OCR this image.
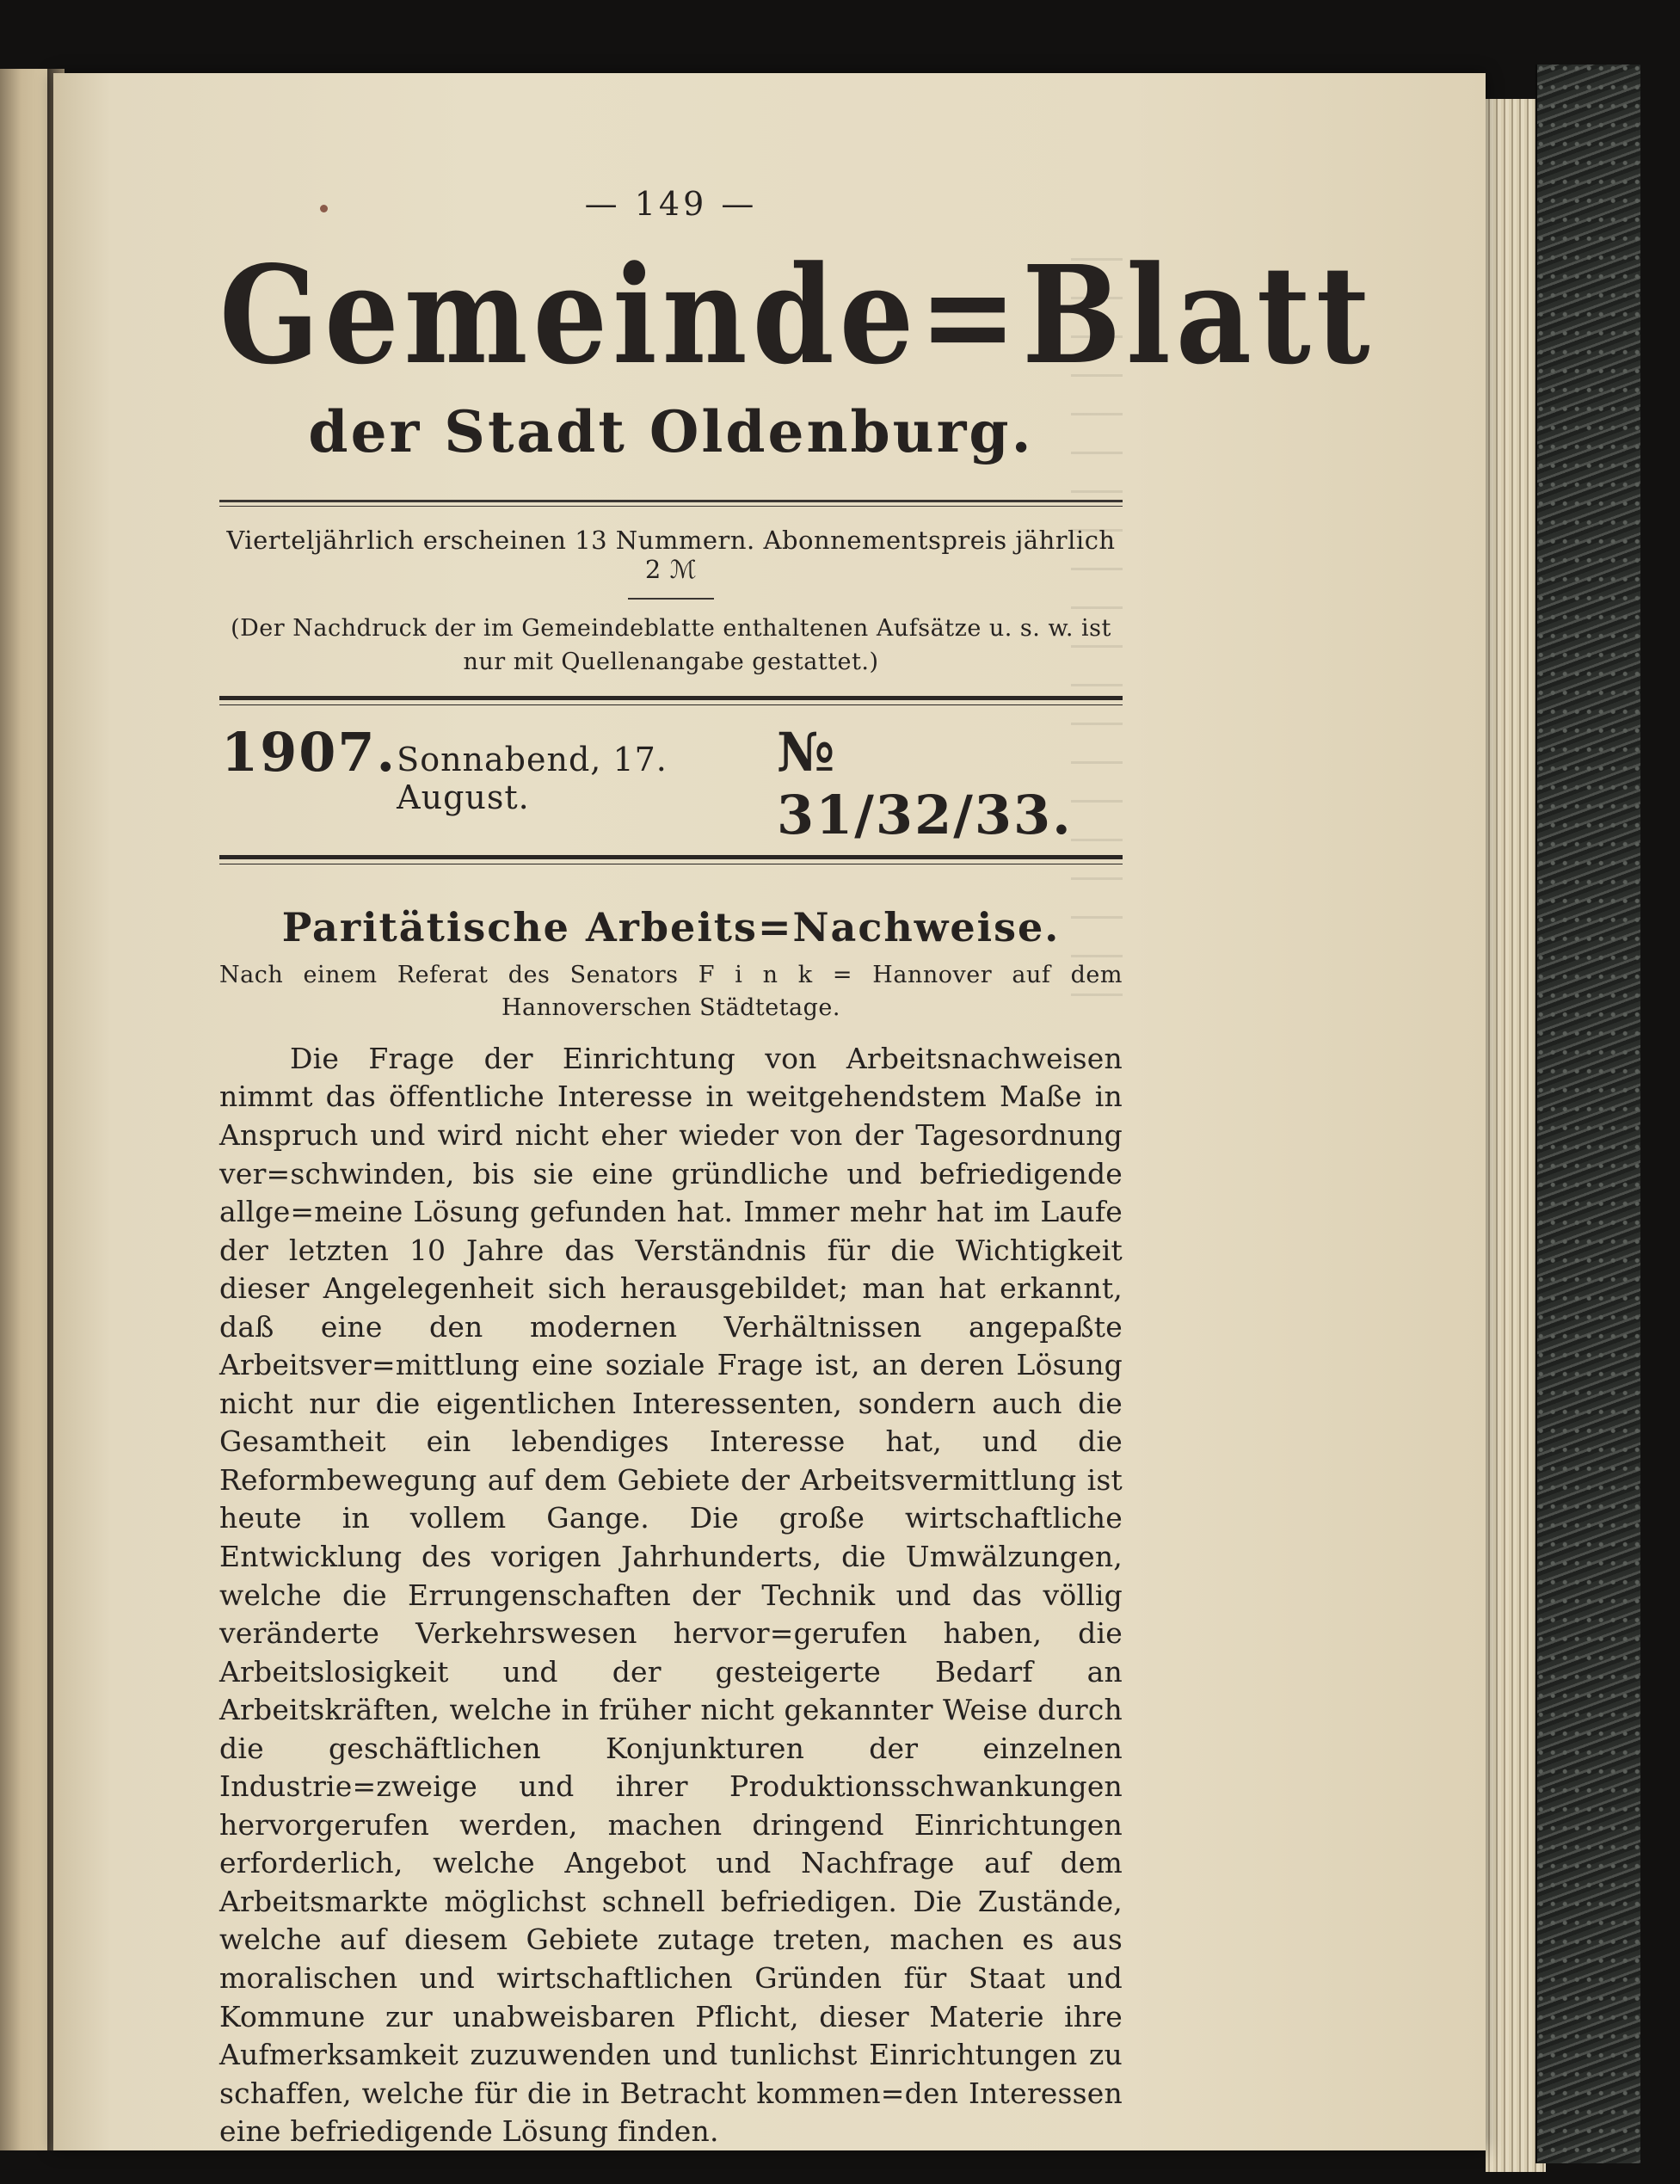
— 149 —
Gemeinde=Blatt
der Stadt Oldenburg.
Vierteljährlich erscheinen 13 Nummern. Abonnementspreis jährlich 2 ℳ
(Der Nachdruck der im Gemeindeblatte enthaltenen Aufsätze u. s. w. ist nur mit Quellenangabe gestattet.)
1907. Sonnabend, 17. August.
№ 31/32/33.
Paritätische Arbeits=Nachweise.
Nach einem Referat des Senators F i n k = Hannover auf dem Hannoverschen Städtetage.

Die Frage der Einrichtung von Arbeitsnachweisen nimmt das öffentliche Interesse in weitgehendstem Maße in Anspruch und wird nicht eher wieder von der Tagesordnung ver=schwinden, bis sie eine gründliche und befriedigende allge=meine Lösung gefunden hat. Immer mehr hat im Laufe der letzten 10 Jahre das Verständnis für die Wichtigkeit dieser Angelegenheit sich herausgebildet; man hat erkannt, daß eine den modernen Verhältnissen angepaßte Arbeitsver=mittlung eine soziale Frage ist, an deren Lösung nicht nur die eigentlichen Interessenten, sondern auch die Gesamtheit ein lebendiges Interesse hat, und die Reformbewegung auf dem Gebiete der Arbeitsvermittlung ist heute in vollem Gange. Die große wirtschaftliche Entwicklung des vorigen Jahrhunderts, die Umwälzungen, welche die Errungenschaften der Technik und das völlig veränderte Verkehrswesen hervor=gerufen haben, die Arbeitslosigkeit und der gesteigerte Bedarf an Arbeitskräften, welche in früher nicht gekannter Weise durch die geschäftlichen Konjunkturen der einzelnen Industrie=zweige und ihrer Produktionsschwankungen hervorgerufen werden, machen dringend Einrichtungen erforderlich, welche Angebot und Nachfrage auf dem Arbeitsmarkte möglichst schnell befriedigen. Die Zustände, welche auf diesem Gebiete zutage treten, machen es aus moralischen und wirtschaftlichen Gründen für Staat und Kommune zur unabweisbaren Pflicht, dieser Materie ihre Aufmerksamkeit zuzuwenden und tunlichst Einrichtungen zu schaffen, welche für die in Betracht kommen=den Interessen eine befriedigende Lösung finden.
